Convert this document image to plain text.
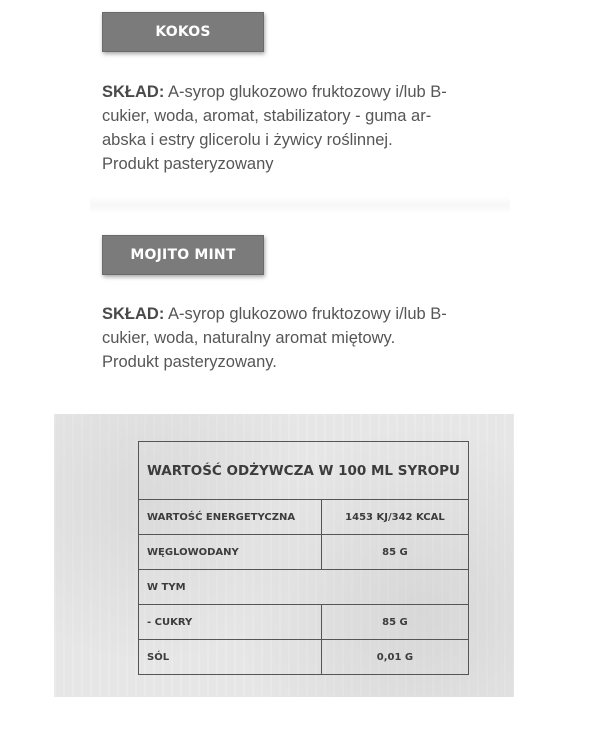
KOKOS
SKŁAD: A-syrop glukozowo fruktozowy i/lub B-
cukier, woda, aromat, stabilizatory - guma ar-
abska i estry glicerolu i żywicy roślinnej.
Produkt pasteryzowany
MOJITO MINT
SKŁAD: A-syrop glukozowo fruktozowy i/lub B-
cukier, woda, naturalny aromat miętowy.
Produkt pasteryzowany.
WARTOŚĆ ODŻYWCZA W 100 ML SYROPU	
WARTOŚĆ ENERGETYCZNA	1453 KJ/342 KCAL
WĘGLOWODANY	85 G
W TYM	
- CUKRY	85 G
SÓL	0,01 G
